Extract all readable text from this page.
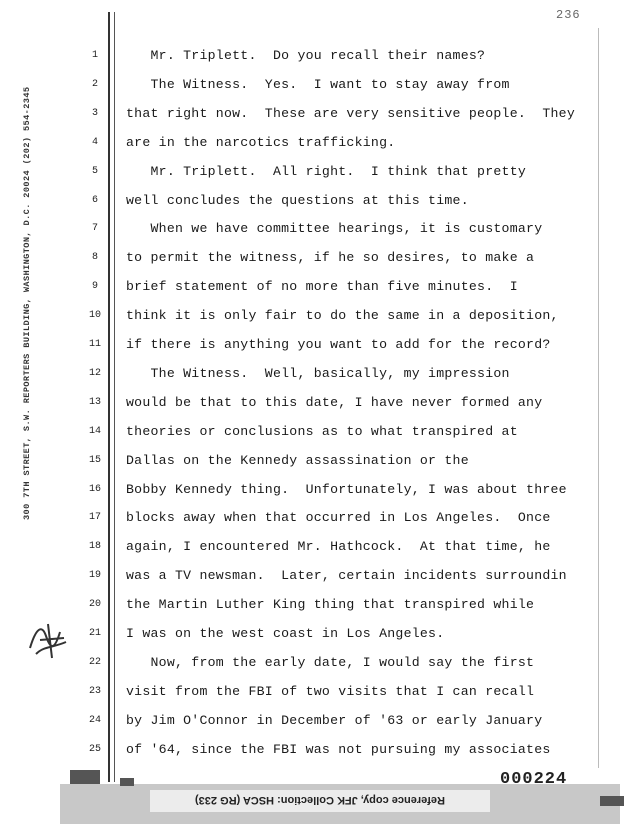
236
300 7TH STREET, S.W. REPORTERS BUILDING, WASHINGTON, D.C. 20024 (202) 554-2345
1	Mr. Triplett.  Do you recall their names?
2	The Witness.  Yes.  I want to stay away from
3	that right now.  These are very sensitive people.  They
4	are in the narcotics trafficking.
5	Mr. Triplett.  All right.  I think that pretty
6	well concludes the questions at this time.
7	When we have committee hearings, it is customary
8	to permit the witness, if he so desires, to make a
9	brief statement of no more than five minutes.  I
10 think it is only fair to do the same in a deposition,
11 if there is anything you want to add for the record?
12 The Witness.  Well, basically, my impression
13 would be that to this date, I have never formed any
14 theories or conclusions as to what transpired at
15 Dallas on the Kennedy assassination or the
16 Bobby Kennedy thing.  Unfortunately, I was about three
17 blocks away when that occurred in Los Angeles.  Once
18 again, I encountered Mr. Hathcock.  At that time, he
19 was a TV newsman.  Later, certain incidents surroundin
20 the Martin Luther King thing that transpired while
21 I was on the west coast in Los Angeles.
22 Now, from the early date, I would say the first
23 visit from the FBI of two visits that I can recall
24 by Jim O'Connor in December of '63 or early January
25 of '64, since the FBI was not pursuing my associates
Reference copy, JFK Collection: HSCA (RG 233)
000224
